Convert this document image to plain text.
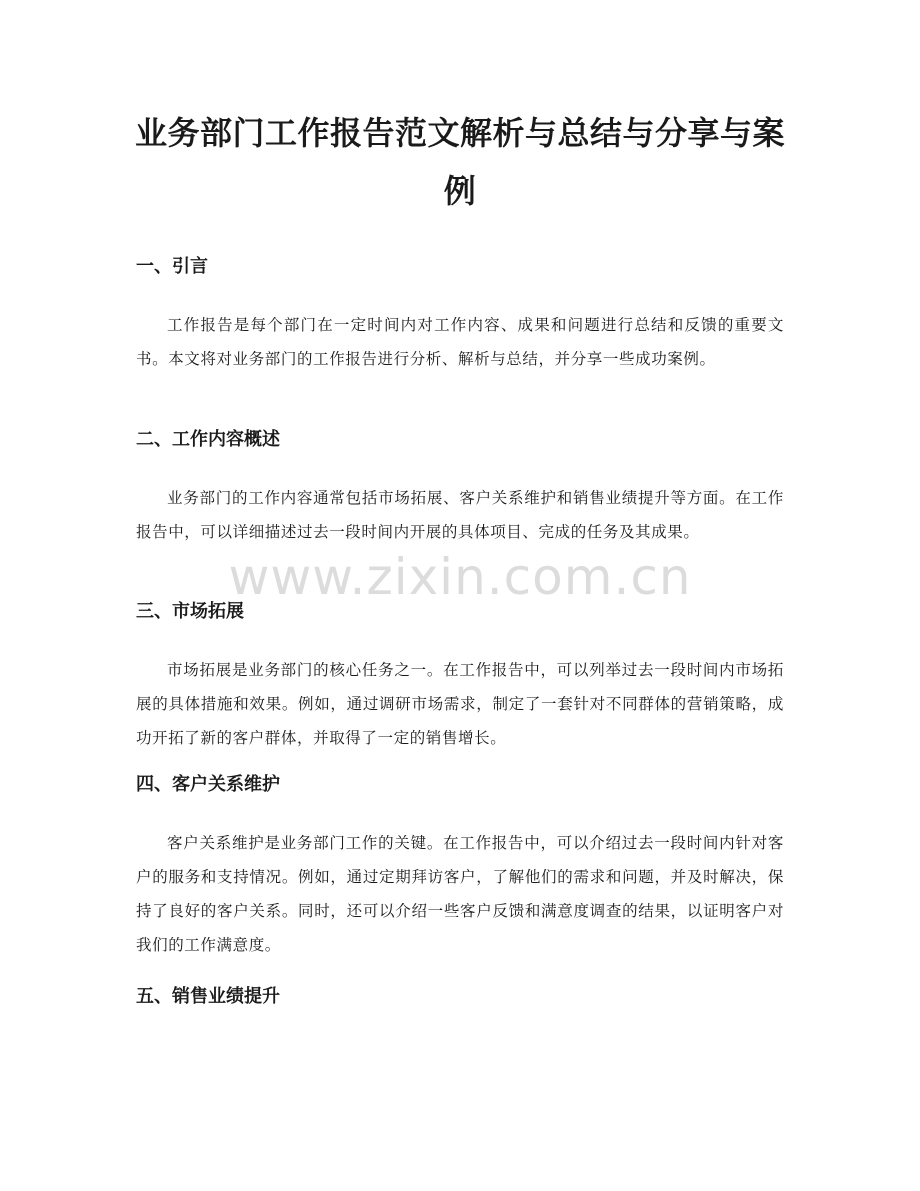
业务部门工作报告范文解析与总结与分享与案例
www.zixin.com.cn
一、引言

工作报告是每个部门在一定时间内对工作内容、成果和问题进行总结和反馈的重要文书。本文将对业务部门的工作报告进行分析、解析与总结，并分享一些成功案例。

二、工作内容概述

业务部门的工作内容通常包括市场拓展、客户关系维护和销售业绩提升等方面。在工作报告中，可以详细描述过去一段时间内开展的具体项目、完成的任务及其成果。

三、市场拓展

市场拓展是业务部门的核心任务之一。在工作报告中，可以列举过去一段时间内市场拓展的具体措施和效果。例如，通过调研市场需求，制定了一套针对不同群体的营销策略，成功开拓了新的客户群体，并取得了一定的销售增长。

四、客户关系维护

客户关系维护是业务部门工作的关键。在工作报告中，可以介绍过去一段时间内针对客户的服务和支持情况。例如，通过定期拜访客户，了解他们的需求和问题，并及时解决，保持了良好的客户关系。同时，还可以介绍一些客户反馈和满意度调查的结果，以证明客户对我们的工作满意度。

五、销售业绩提升
